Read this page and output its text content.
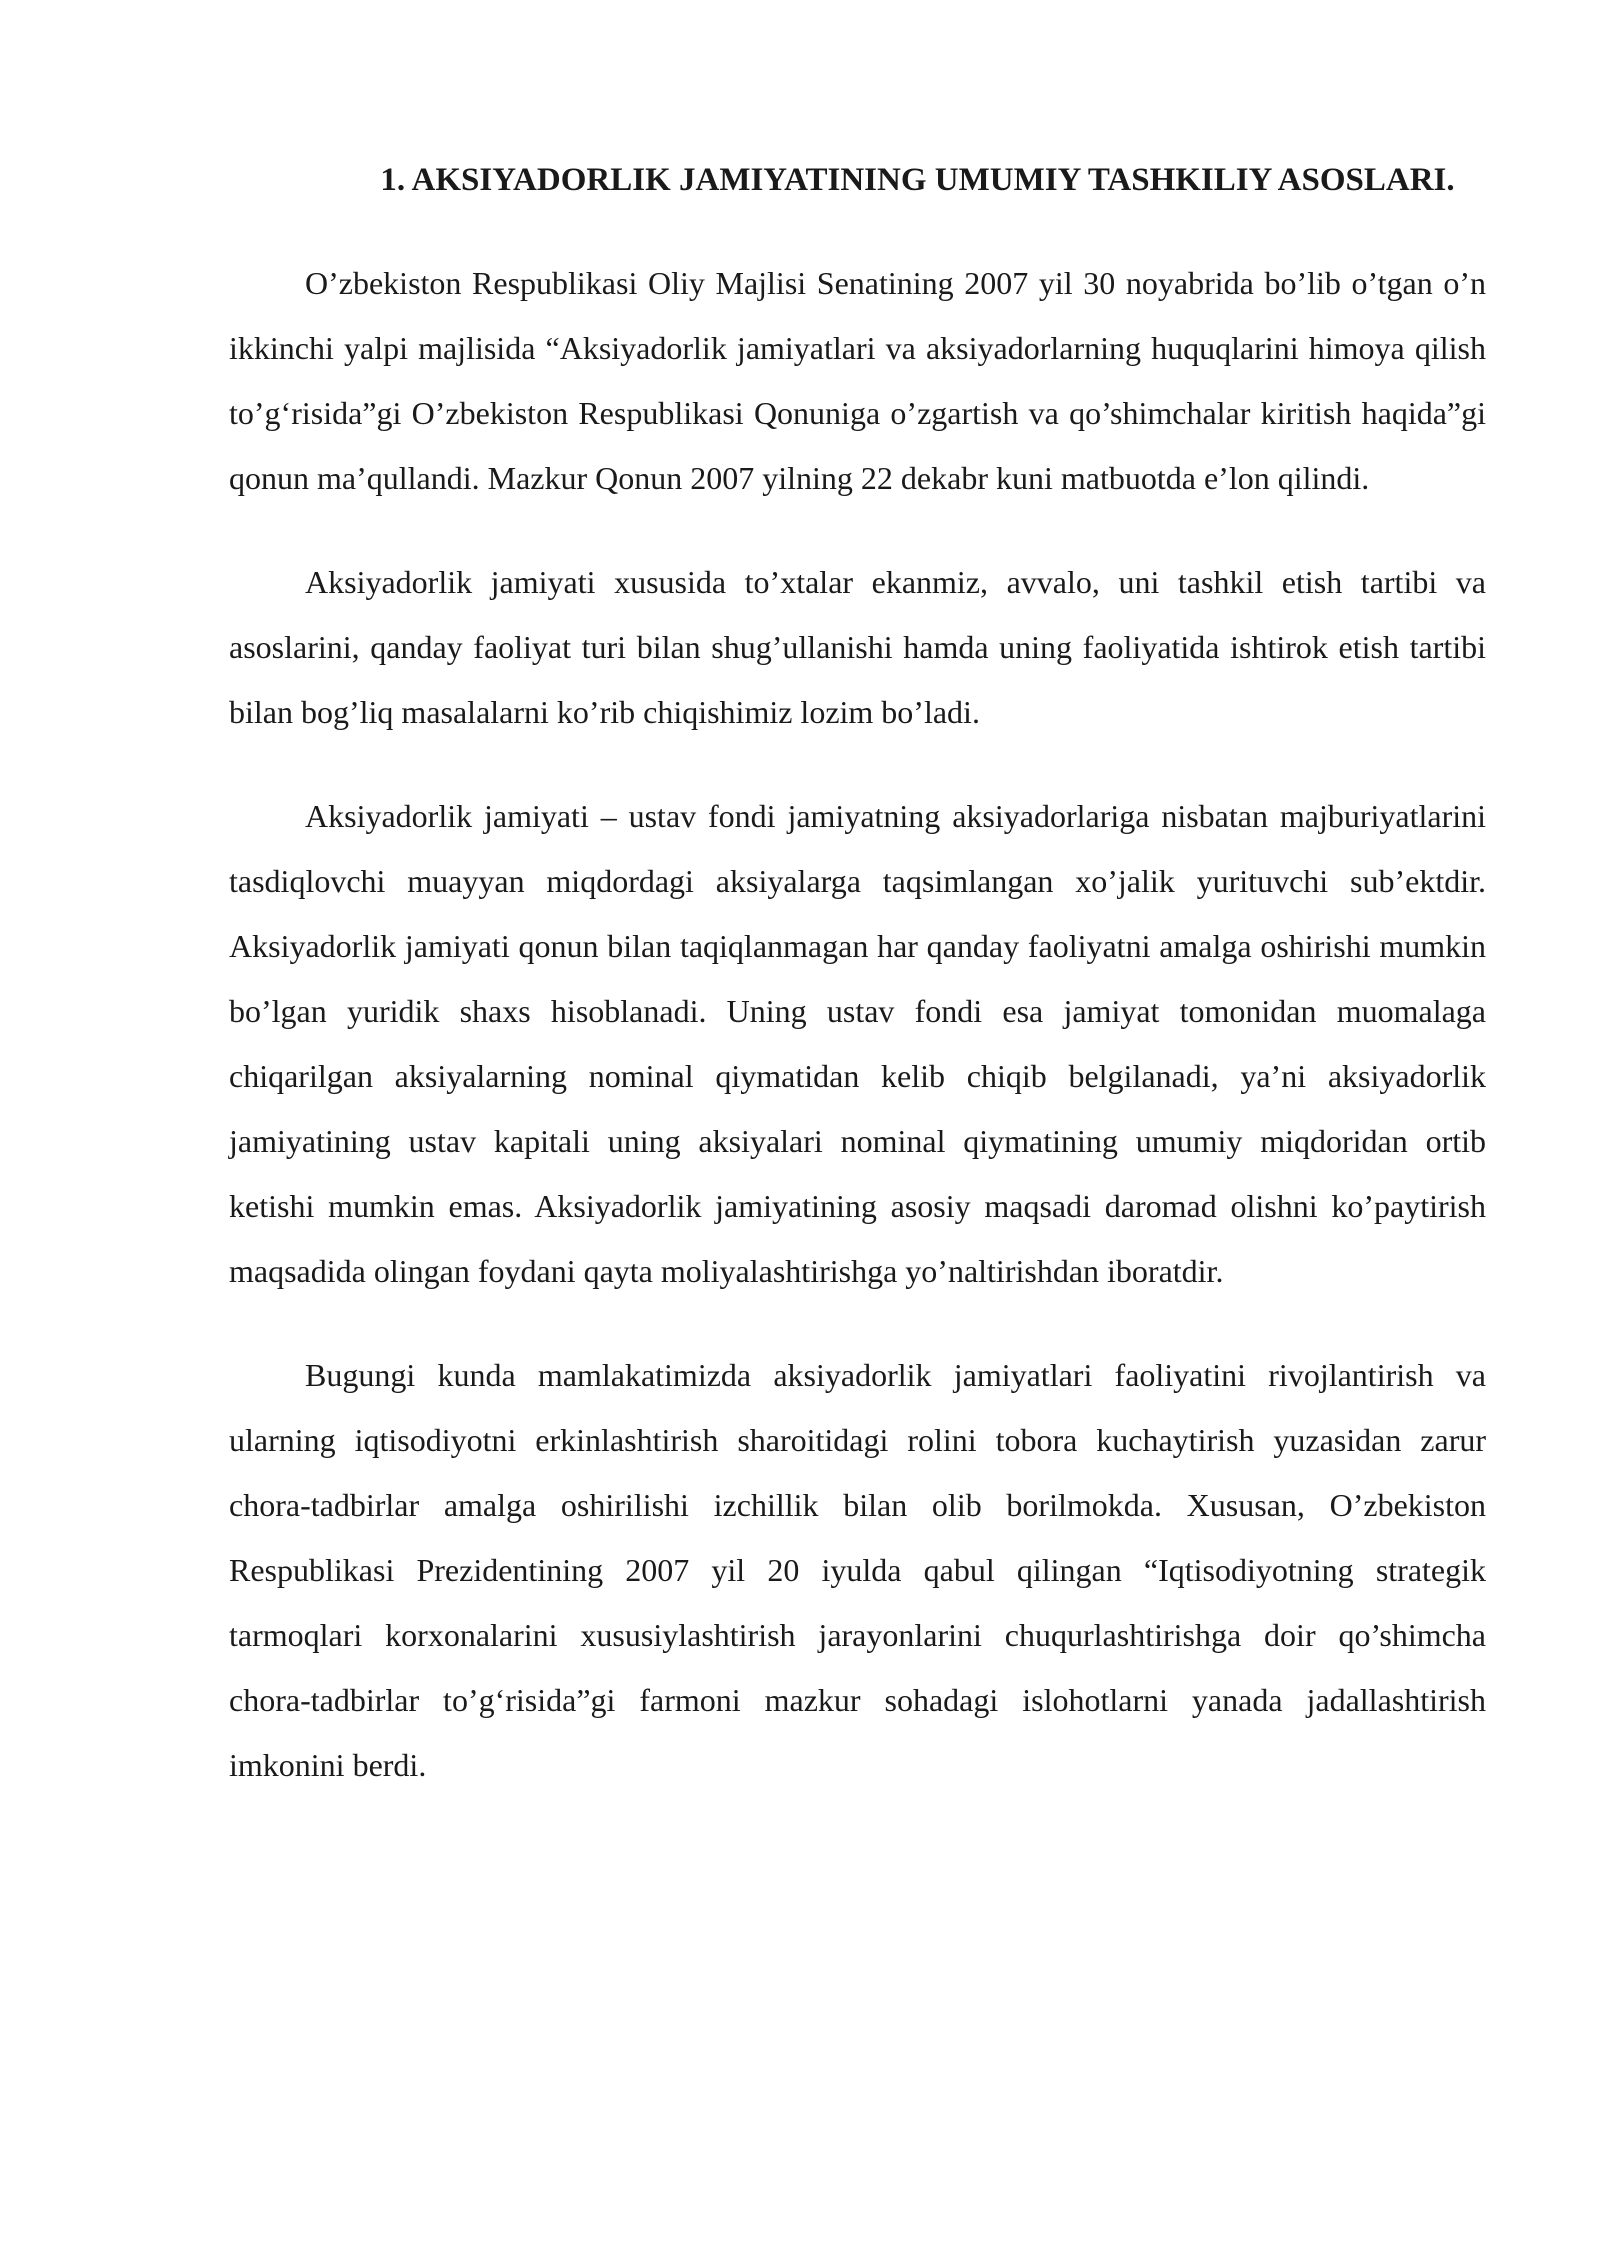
1. AKSIYADORLIK JAMIYATINING UMUMIY TASHKILIY ASOSLARI.

O’zbekiston Respublikasi Oliy Majlisi Senatining 2007 yil 30 noyabrida bo’lib o’tgan o’n ikkinchi yalpi majlisida “Aksiyadorlik jamiyatlari va aksiyadorlarning huquqlarini himoya qilish to’g‘risida”gi O’zbekiston Respublikasi Qonuniga o’zgartish va qo’shimchalar kiritish haqida”gi qonun ma’qullandi. Mazkur Qonun 2007 yilning 22 dekabr kuni matbuotda e’lon qilindi.

Aksiyadorlik jamiyati xususida to’xtalar ekanmiz, avvalo, uni tashkil etish tartibi va asoslarini, qanday faoliyat turi bilan shug’ullanishi hamda uning faoliyatida ishtirok etish tartibi bilan bog’liq masalalarni ko’rib chiqishimiz lozim bo’ladi.

Aksiyadorlik jamiyati – ustav fondi jamiyatning aksiyadorlariga nisbatan majburiyatlarini tasdiqlovchi muayyan miqdordagi aksiyalarga taqsimlangan xo’jalik yurituvchi sub’ektdir. Aksiyadorlik jamiyati qonun bilan taqiqlanmagan har qanday faoliyatni amalga oshirishi mumkin bo’lgan yuridik shaxs hisoblanadi. Uning ustav fondi esa jamiyat tomonidan muomalaga chiqarilgan aksiyalarning nominal qiymatidan kelib chiqib belgilanadi, ya’ni aksiyadorlik jamiyatining ustav kapitali uning aksiyalari nominal qiymatining umumiy miqdoridan ortib ketishi mumkin emas. Aksiyadorlik jamiyatining asosiy maqsadi daromad olishni ko’paytirish maqsadida olingan foydani qayta moliyalashtirishga yo’naltirishdan iboratdir.

Bugungi kunda mamlakatimizda aksiyadorlik jamiyatlari faoliyatini rivojlantirish va ularning iqtisodiyotni erkinlashtirish sharoitidagi rolini tobora kuchaytirish yuzasidan zarur chora-tadbirlar amalga oshirilishi izchillik bilan olib borilmokda. Xususan, O’zbekiston Respublikasi Prezidentining 2007 yil 20 iyulda qabul qilingan “Iqtisodiyotning strategik tarmoqlari korxonalarini xususiylashtirish jarayonlarini chuqurlashtirishga doir qo’shimcha chora-tadbirlar to’g‘risida”gi farmoni mazkur sohadagi islohotlarni yanada jadallashtirish imkonini berdi.
